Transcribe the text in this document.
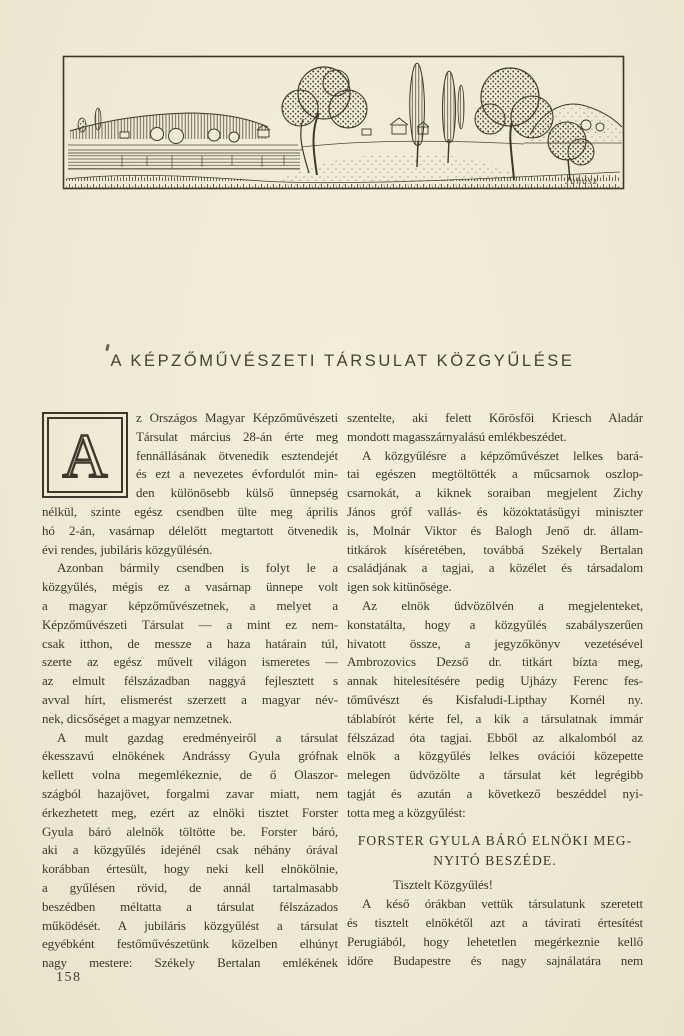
Juhász
A KÉPZŐMŰVÉSZETI TÁRSULAT KÖZGYŰLÉSE
A
z Országos Magyar Képzőművészeti
Társulat március 28-án érte meg
fennállásának ötvenedik esztendejét
és ezt a nevezetes évfordulót min-
den különösebb külső ünnepség
nélkül, szinte egész csendben ülte meg április
hó 2-án, vasárnap délelőtt megtartott ötvenedik
évi rendes, jubiláris közgyűlésén.
Azonban bármily csendben is folyt le a
közgyűlés, mégis ez a vasárnap ünnepe volt
a magyar képzőművészetnek, a melyet a
Képzőművészeti Társulat — a mint ez nem-
csak itthon, de messze a haza határain túl,
szerte az egész művelt világon ismeretes —
az elmult félszázadban naggyá fejlesztett s
avval hírt, elismerést szerzett a magyar név-
nek, dicsőséget a magyar nemzetnek.
A mult gazdag eredményeiről a társulat
ékesszavú elnökének Andrássy Gyula grófnak
kellett volna megemlékeznie, de ő Olaszor-
szágból hazajövet, forgalmi zavar miatt, nem
érkezhetett meg, ezért az elnöki tisztet Forster
Gyula báró alelnök töltötte be. Forster báró,
aki a közgyűlés idejénél csak néhány órával
korábban értesült, hogy neki kell elnökölnie,
a gyűlésen rövid, de annál tartalmasabb
beszédben méltatta a társulat félszázados
működését. A jubiláris közgyűlést a társulat
egyébként festőművészetünk közelben elhúnyt
nagy mestere: Székely Bertalan emlékének
szentelte, aki felett Kőrösfői Kriesch Aladár
mondott magasszárnyalású emlékbeszédet.
A közgyűlésre a képzőművészet lelkes bará-
tai egészen megtöltötték a műcsarnok oszlop-
csarnokát, a kiknek soraiban megjelent Zichy
János gróf vallás- és közoktatásügyi miniszter
is, Molnár Viktor és Balogh Jenő dr. állam-
titkárok kíséretében, továbbá Székely Bertalan
családjának a tagjai, a közélet és társadalom
igen sok kitünősége.
Az elnök üdvözölvén a megjelenteket,
konstatálta, hogy a közgyűlés szabályszerűen
hivatott össze, a jegyzőkönyv vezetésével
Ambrozovics Dezső dr. titkárt bízta meg,
annak hitelesítésére pedig Ujházy Ferenc fes-
tőművészt és Kisfaludi-Lipthay Kornél ny.
táblabírót kérte fel, a kik a társulatnak immár
félszázad óta tagjai. Ebből az alkalomból az
elnök a közgyűlés lelkes ovációi közepette
melegen üdvözölte a társulat két legrégibb
tagját és azután a következő beszéddel nyi-
totta meg a közgyűlést:
FORSTER GYULA BÁRÓ ELNÖKI MEG-
NYITÓ BESZÉDE.
Tisztelt Közgyűlés!
A késő órákban vettük társulatunk szeretett
és tisztelt elnökétől azt a távirati értesítést
Perugiából, hogy lehetetlen megérkeznie kellő
időre Budapestre és nagy sajnálatára nem
158
